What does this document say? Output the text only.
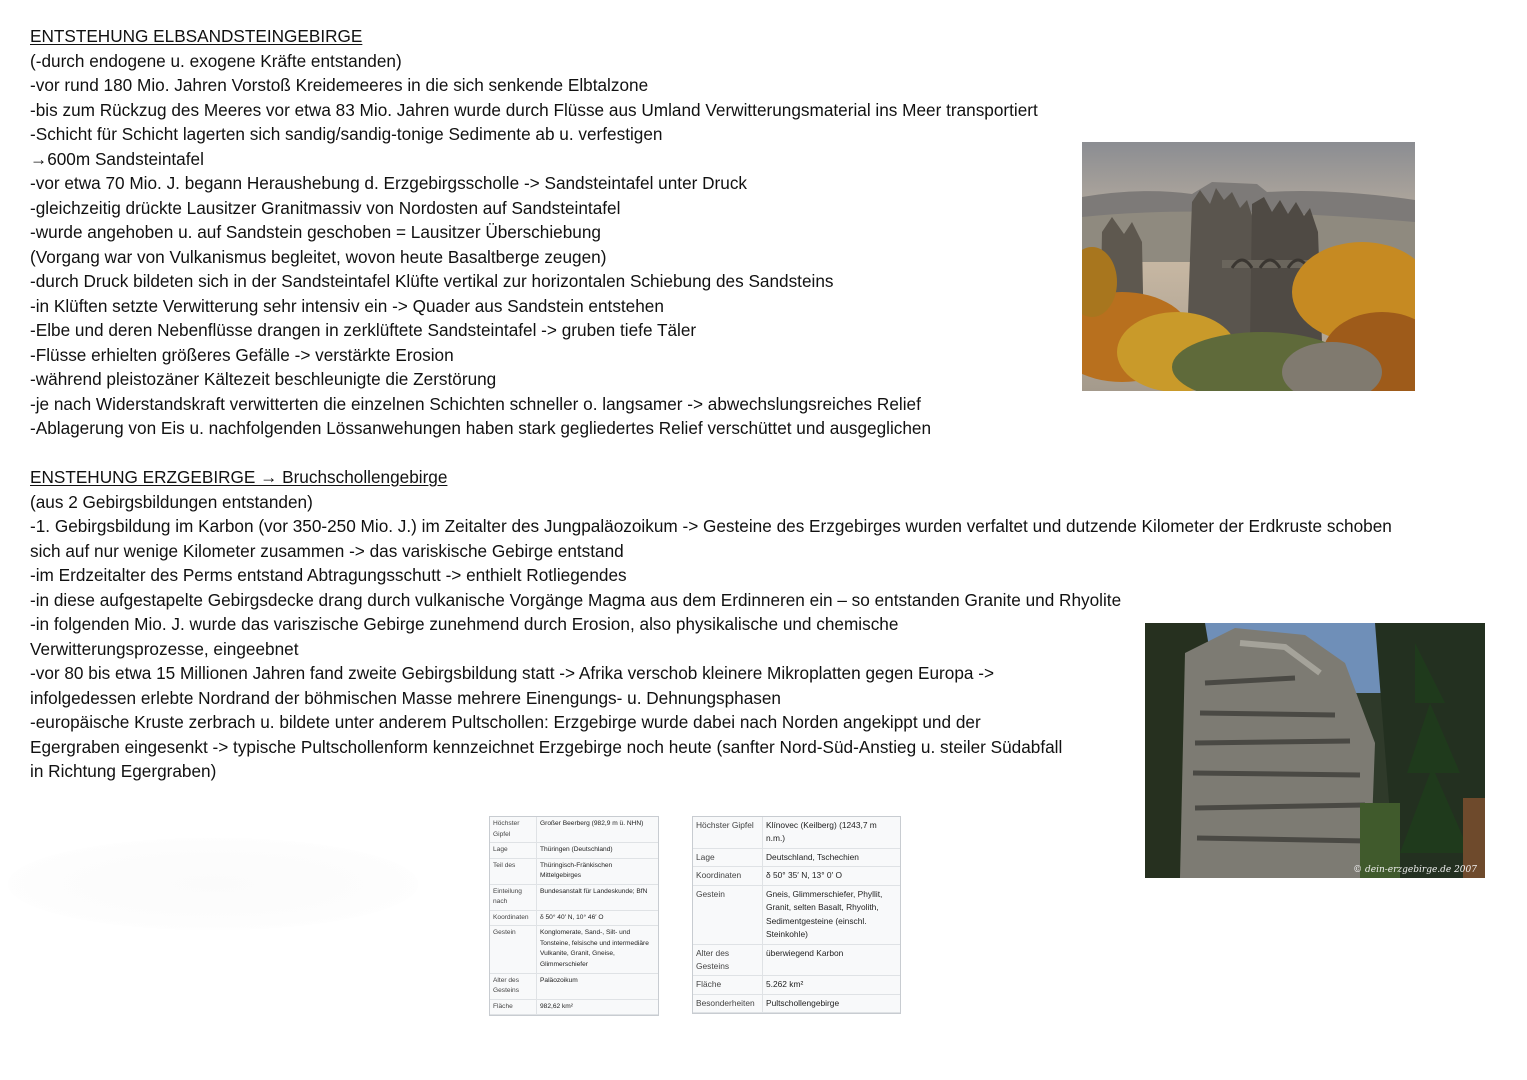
ENTSTEHUNG ELBSANDSTEINGEBIRGE
(-durch endogene u. exogene Kräfte entstanden)
-vor rund 180 Mio. Jahren Vorstoß Kreidemeeres in die sich senkende Elbtalzone
-bis zum Rückzug des Meeres vor etwa 83 Mio. Jahren wurde durch Flüsse aus Umland Verwitterungsmaterial ins Meer transportiert
-Schicht für Schicht lagerten sich sandig/sandig-tonige Sedimente ab u. verfestigen
→600m Sandsteintafel
-vor etwa 70 Mio. J. begann Heraushebung d. Erzgebirgsscholle -> Sandsteintafel unter Druck
-gleichzeitig drückte Lausitzer Granitmassiv von Nordosten auf Sandsteintafel
-wurde angehoben u. auf Sandstein geschoben = Lausitzer Überschiebung
(Vorgang war von Vulkanismus begleitet, wovon heute Basaltberge zeugen)
-durch Druck bildeten sich in der Sandsteintafel Klüfte vertikal zur horizontalen Schiebung des Sandsteins
-in Klüften setzte Verwitterung sehr intensiv ein -> Quader aus Sandstein entstehen
-Elbe und deren Nebenflüsse drangen in zerklüftete Sandsteintafel -> gruben tiefe Täler
-Flüsse erhielten größeres Gefälle -> verstärkte Erosion
-während pleistozäner Kältezeit beschleunigte die Zerstörung
-je nach Widerstandskraft verwitterten die einzelnen Schichten schneller o. langsamer -> abwechslungsreiches Relief
-Ablagerung von Eis u. nachfolgenden Lössanwehungen haben stark gegliedertes Relief verschüttet und ausgeglichen
ENSTEHUNG ERZGEBIRGE → Bruchschollengebirge
(aus 2 Gebirgsbildungen entstanden)
-1. Gebirgsbildung im Karbon (vor 350-250 Mio. J.) im Zeitalter des Jungpaläozoikum -> Gesteine des Erzgebirges wurden verfaltet und dutzende Kilometer der Erdkruste schoben
sich auf nur wenige Kilometer zusammen -> das variskische Gebirge entstand
-im Erdzeitalter des Perms entstand Abtragungsschutt -> enthielt Rotliegendes
-in diese aufgestapelte Gebirgsdecke drang durch vulkanische Vorgänge Magma aus dem Erdinneren ein – so entstanden Granite und Rhyolite
-in folgenden Mio. J. wurde das variszische Gebirge zunehmend durch Erosion, also physikalische und chemische
Verwitterungsprozesse, eingeebnet
-vor 80 bis etwa 15 Millionen Jahren fand zweite Gebirgsbildung statt -> Afrika verschob kleinere Mikroplatten gegen Europa ->
infolgedessen erlebte Nordrand der böhmischen Masse mehrere Einengungs- u. Dehnungsphasen
-europäische Kruste zerbrach u. bildete unter anderem Pultschollen: Erzgebirge wurde dabei nach Norden angekippt und der
Egergraben eingesenkt -> typische Pultschollenform kennzeichnet Erzgebirge noch heute (sanfter Nord-Süd-Anstieg u. steiler Südabfall
in Richtung Egergraben)
© dein-erzgebirge.de 2007
Höchster Gipfel	Großer Beerberg (982,9 m ü. NHN)
Lage	Thüringen (Deutschland)
Teil des	Thüringisch-Fränkischen Mittelgebirges
Einteilung nach	Bundesanstalt für Landeskunde; BfN
Koordinaten	δ 50° 40′ N, 10° 46′ O
Gestein	Konglomerate, Sand-, Silt- und Tonsteine, felsische und intermediäre Vulkanite, Granit, Gneise, Glimmerschiefer
Alter des Gesteins	Paläozoikum
Fläche	982,62 km²
Höchster Gipfel	Klínovec (Keilberg) (1243,7 m n.m.)
Lage	Deutschland, Tschechien
Koordinaten	δ 50° 35′ N, 13° 0′ O
Gestein	Gneis, Glimmerschiefer, Phyllit, Granit, selten Basalt, Rhyolith, Sedimentgesteine (einschl. Steinkohle)
Alter des Gesteins	überwiegend Karbon
Fläche	5.262 km²
Besonderheiten	Pultschollengebirge
